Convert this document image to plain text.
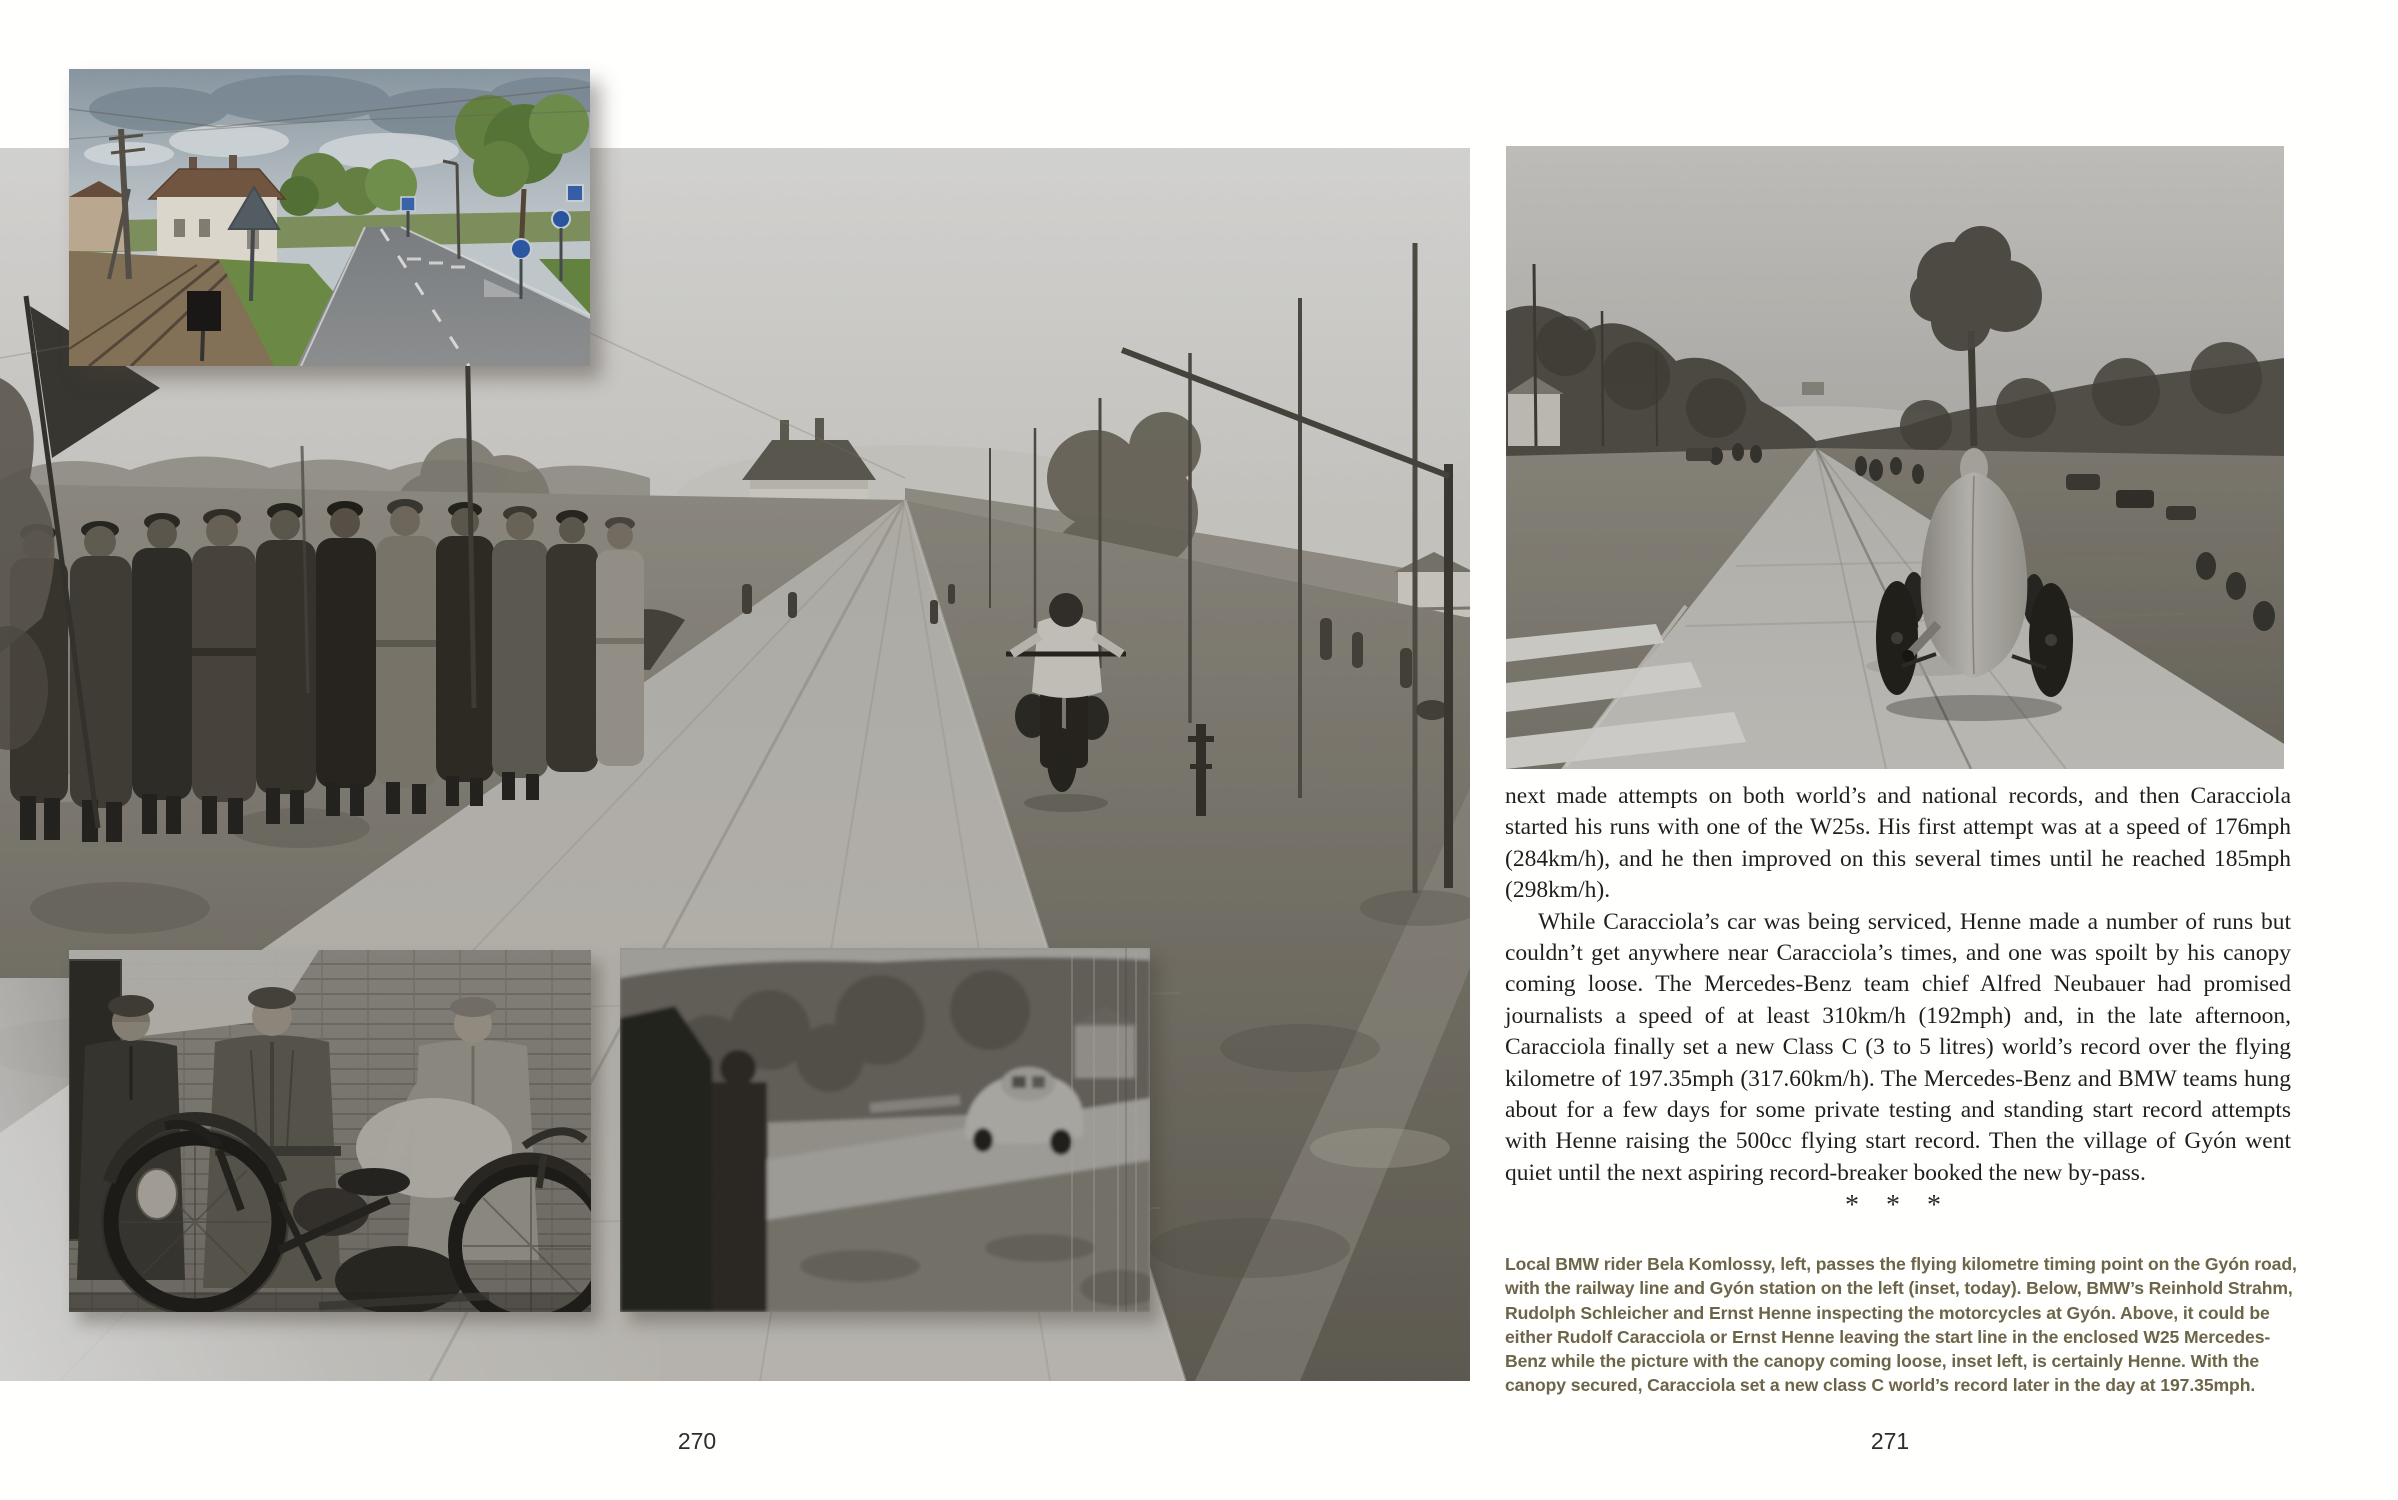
270

next made attempts on both world’s and national records, and then Caracciola started his runs with one of the W25s. His first attempt was at a speed of 176mph (284km/h), and he then improved on this several times until he reached 185mph (298km/h).

While Caracciola’s car was being serviced, Henne made a number of runs but couldn’t get anywhere near Caracciola’s times, and one was spoilt by his canopy coming loose. The Mercedes-Benz team chief Alfred Neubauer had promised journalists a speed of at least 310km/h (192mph) and, in the late afternoon, Caracciola finally set a new Class C (3 to 5 litres) world’s record over the flying kilometre of 197.35mph (317.60km/h). The Mercedes-Benz and BMW teams hung about for a few days for some private testing and standing start record attempts with Henne raising the 500cc flying start record. Then the village of Gyón went quiet until the next aspiring record-breaker booked the new by-pass.

* * *
Local BMW rider Bela Komlossy, left, passes the flying kilometre timing point on the Gyón road, with the railway line and Gyón station on the left (inset, today). Below, BMW’s Reinhold Strahm, Rudolph Schleicher and Ernst Henne inspecting the motorcycles at Gyón. Above, it could be either Rudolf Caracciola or Ernst Henne leaving the start line in the enclosed W25 Mercedes-Benz while the picture with the canopy coming loose, inset left, is certainly Henne. With the canopy secured, Caracciola set a new class C world’s record later in the day at 197.35mph.
271
